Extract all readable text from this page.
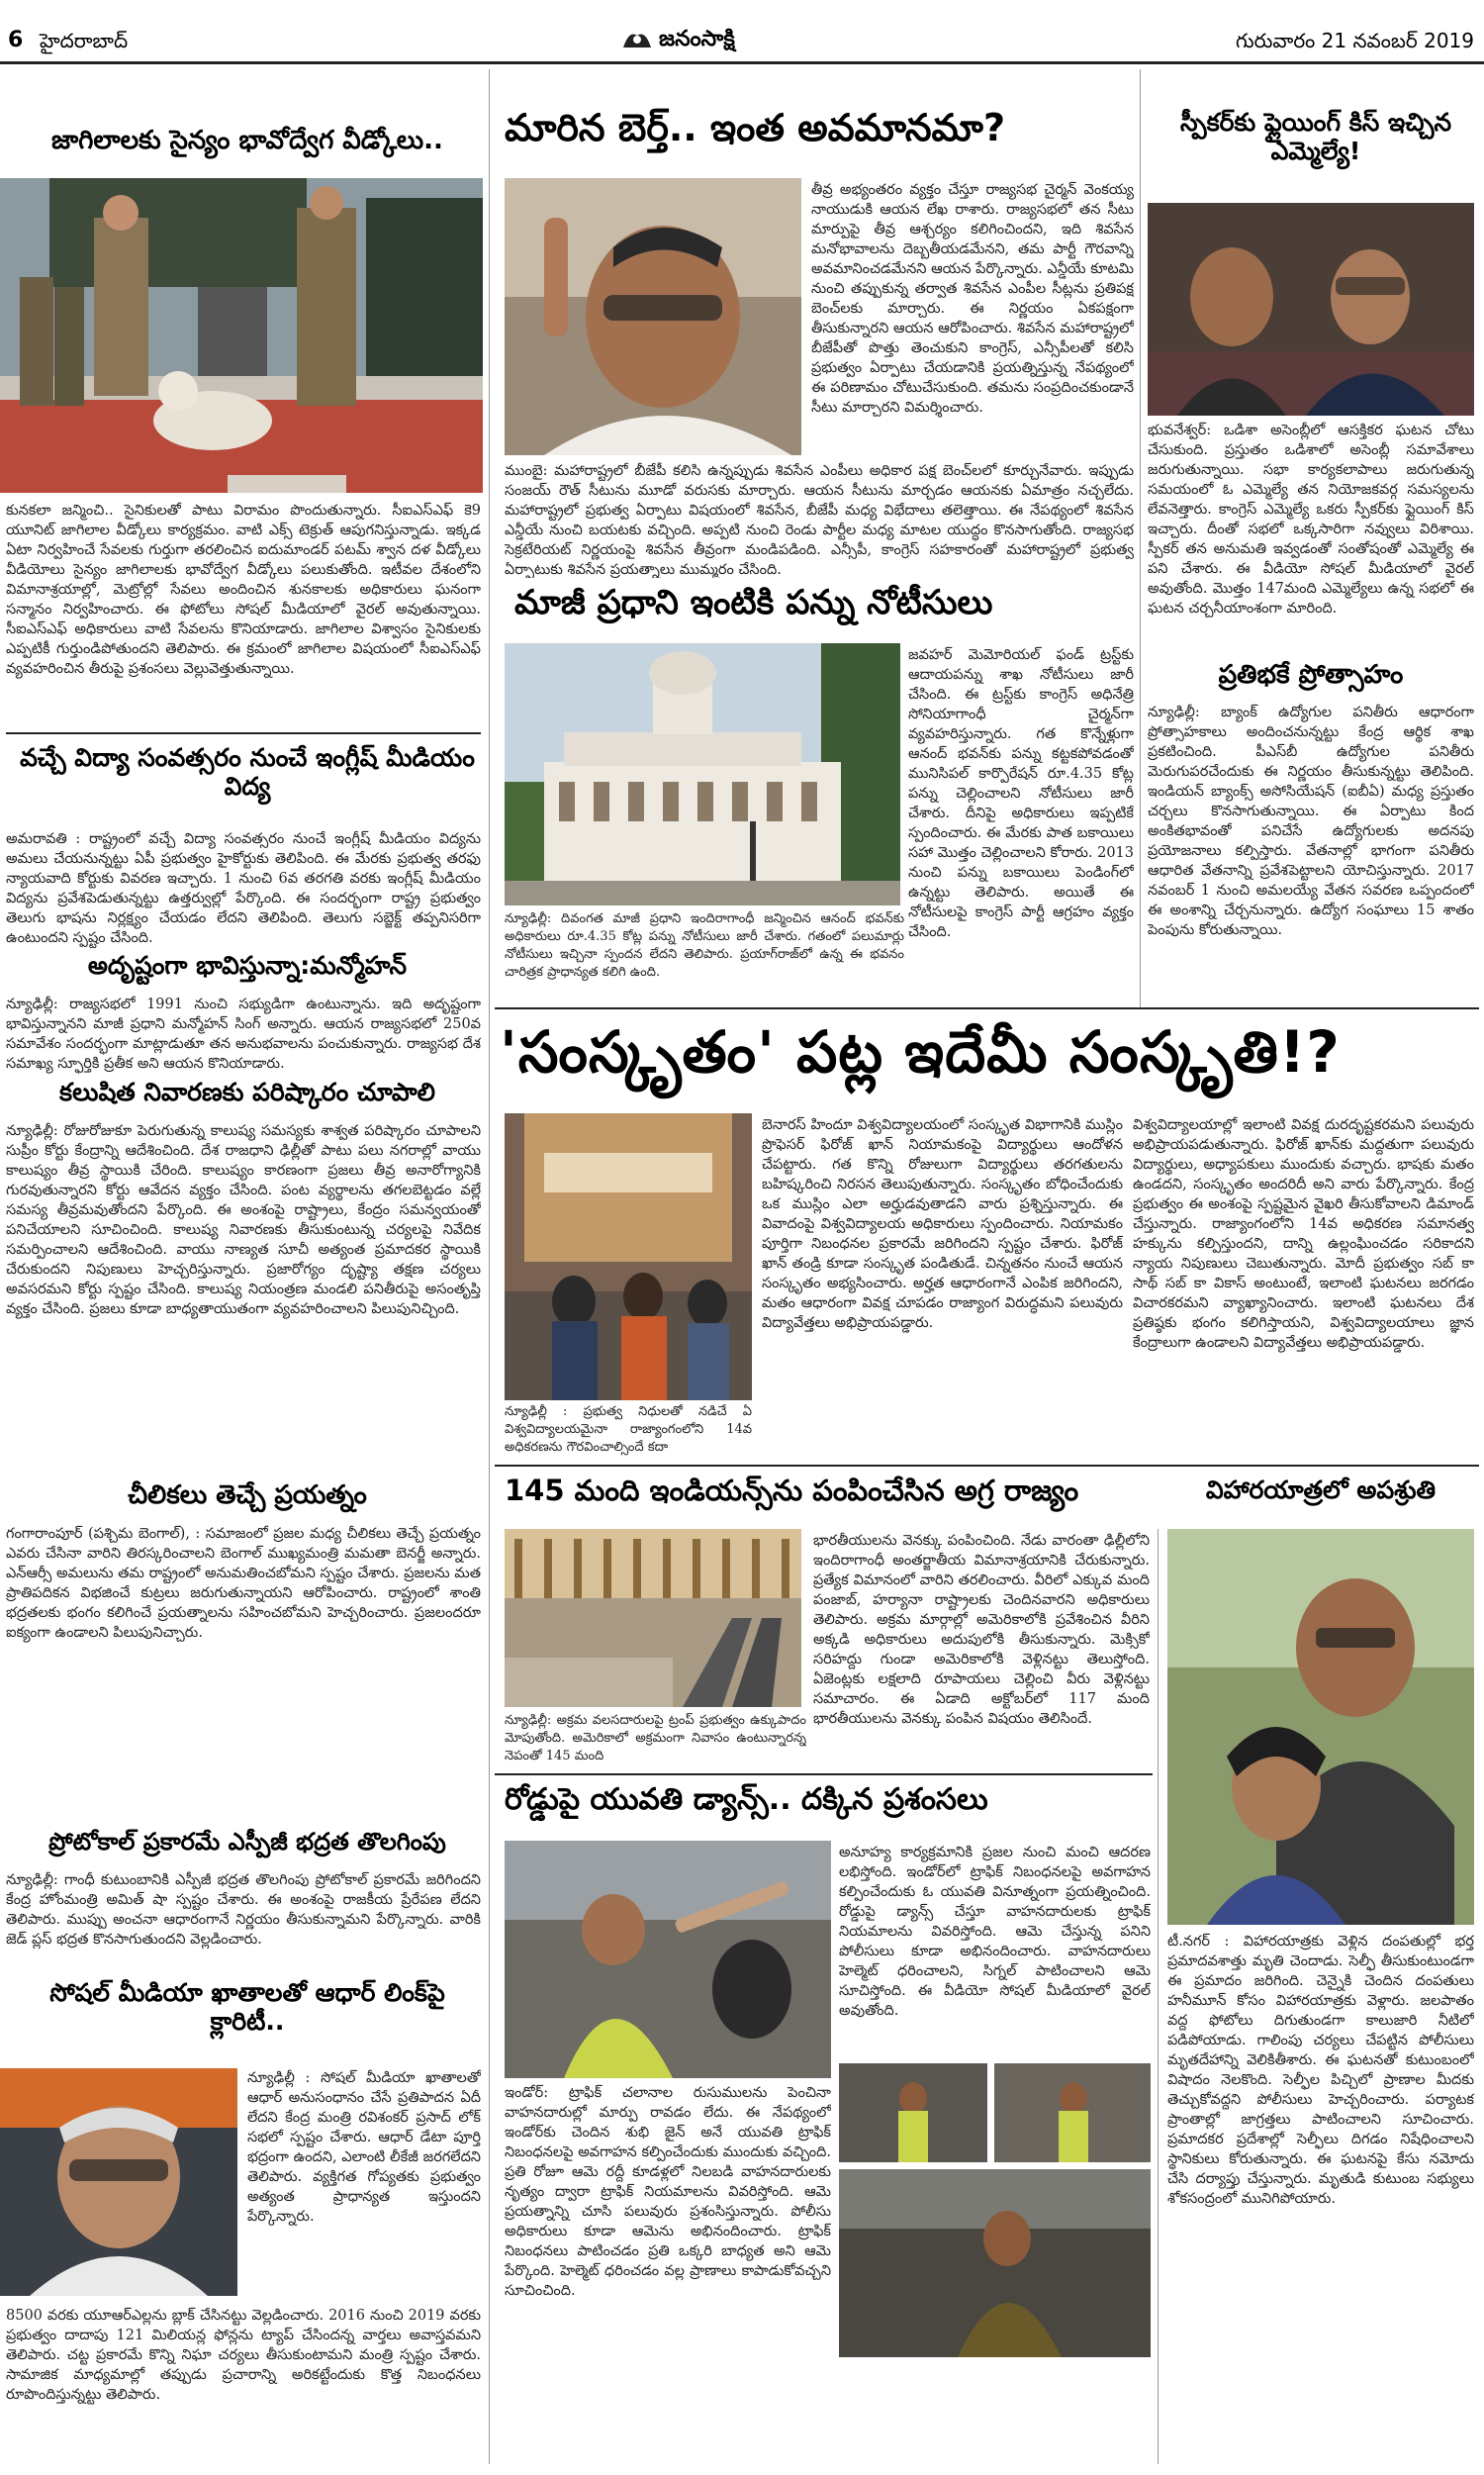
6 హైదరాబాద్	జనంసాక్షి	గురువారం 21 నవంబర్ 2019
జాగిలాలకు సైన్యం భావోద్వేగ వీడ్కోలు..
కునకలా జన్మించి.. సైనికులతో పాటు విరామం పొందుతున్నారు. సీఐఎస్ఎఫ్ కె9 యూనిట్ జాగిలాల వీడ్కోలు కార్యక్రమం. వాటి ఎక్స్ టెక్రుత్ ఆపుగనిస్తున్నాడు. ఇక్కడ ఏటా నిర్వహించే సేవలకు గుర్తుగా తరలించిన ఐదుమాండర్ పటమ్ శ్వాన దళ వీడ్కోలు వీడియోలు సైన్యం జాగిలాలకు భావోద్వేగ వీడ్కోలు పలుకుతోంది. ఇటీవల దేశంలోని విమానాశ్రయాల్లో, మెట్రోల్లో సేవలు అందించిన శునకాలకు అధికారులు ఘనంగా సన్మానం నిర్వహించారు. ఈ ఫోటోలు సోషల్ మీడియాలో వైరల్ అవుతున్నాయి. సీఐఎస్ఎఫ్ అధికారులు వాటి సేవలను కొనియాడారు. జాగిలాల విశ్వాసం సైనికులకు ఎప్పటికీ గుర్తుండిపోతుందని తెలిపారు. ఈ క్రమంలో జాగిలాల విషయంలో సీఐఎస్ఎఫ్ వ్యవహరించిన తీరుపై ప్రశంసలు వెల్లువెత్తుతున్నాయి.
వచ్చే విద్యా సంవత్సరం నుంచే ఇంగ్లీష్ మీడియం విద్య
అమరావతి : రాష్ట్రంలో వచ్చే విద్యా సంవత్సరం నుంచే ఇంగ్లీష్ మీడియం విద్యను అమలు చేయనున్నట్టు ఏపీ ప్రభుత్వం హైకోర్టుకు తెలిపింది. ఈ మేరకు ప్రభుత్వ తరఫు న్యాయవాది కోర్టుకు వివరణ ఇచ్చారు. 1 నుంచి 6వ తరగతి వరకు ఇంగ్లీష్ మీడియం విద్యను ప్రవేశపెడుతున్నట్టు ఉత్తర్వుల్లో పేర్కొంది. ఈ సందర్భంగా రాష్ట్ర ప్రభుత్వం తెలుగు భాషను నిర్లక్ష్యం చేయడం లేదని తెలిపింది. తెలుగు సబ్జెక్ట్ తప్పనిసరిగా ఉంటుందని స్పష్టం చేసింది.
అదృష్టంగా భావిస్తున్నా:మన్మోహన్
న్యూఢిల్లీ: రాజ్యసభలో 1991 నుంచి సభ్యుడిగా ఉంటున్నాను. ఇది అదృష్టంగా భావిస్తున్నానని మాజీ ప్రధాని మన్మోహన్ సింగ్ అన్నారు. ఆయన రాజ్యసభలో 250వ సమావేశం సందర్భంగా మాట్లాడుతూ తన అనుభవాలను పంచుకున్నారు. రాజ్యసభ దేశ సమాఖ్య స్ఫూర్తికి ప్రతీక అని ఆయన కొనియాడారు.
కలుషిత నివారణకు పరిష్కారం చూపాలి
న్యూఢిల్లీ: రోజురోజుకూ పెరుగుతున్న కాలుష్య సమస్యకు శాశ్వత పరిష్కారం చూపాలని సుప్రీం కోర్టు కేంద్రాన్ని ఆదేశించింది. దేశ రాజధాని ఢిల్లీతో పాటు పలు నగరాల్లో వాయు కాలుష్యం తీవ్ర స్థాయికి చేరింది. కాలుష్యం కారణంగా ప్రజలు తీవ్ర అనారోగ్యానికి గురవుతున్నారని కోర్టు ఆవేదన వ్యక్తం చేసింది. పంట వ్యర్థాలను తగలబెట్టడం వల్లే సమస్య తీవ్రమవుతోందని పేర్కొంది. ఈ అంశంపై రాష్ట్రాలు, కేంద్రం సమన్వయంతో పనిచేయాలని సూచించింది. కాలుష్య నివారణకు తీసుకుంటున్న చర్యలపై నివేదిక సమర్పించాలని ఆదేశించింది. వాయు నాణ్యత సూచీ అత్యంత ప్రమాదకర స్థాయికి చేరుకుందని నిపుణులు హెచ్చరిస్తున్నారు. ప్రజారోగ్యం దృష్ట్యా తక్షణ చర్యలు అవసరమని కోర్టు స్పష్టం చేసింది. కాలుష్య నియంత్రణ మండలి పనితీరుపై అసంతృప్తి వ్యక్తం చేసింది. ప్రజలు కూడా బాధ్యతాయుతంగా వ్యవహరించాలని పిలుపునిచ్చింది.
చీలికలు తెచ్చే ప్రయత్నం
గంగారాంపూర్ (పశ్చిమ బెంగాల్), : సమాజంలో ప్రజల మధ్య చీలికలు తెచ్చే ప్రయత్నం ఎవరు చేసినా వారిని తిరస్కరించాలని బెంగాల్ ముఖ్యమంత్రి మమతా బెనర్జీ అన్నారు. ఎన్ఆర్సీ అమలును తమ రాష్ట్రంలో అనుమతించబోమని స్పష్టం చేశారు. ప్రజలను మత ప్రాతిపదికన విభజించే కుట్రలు జరుగుతున్నాయని ఆరోపించారు. రాష్ట్రంలో శాంతి భద్రతలకు భంగం కలిగించే ప్రయత్నాలను సహించబోమని హెచ్చరించారు. ప్రజలందరూ ఐక్యంగా ఉండాలని పిలుపునిచ్చారు.
ప్రోటోకాల్ ప్రకారమే ఎస్పీజీ భద్రత తొలగింపు
న్యూఢిల్లీ: గాంధీ కుటుంబానికి ఎస్పీజీ భద్రత తొలగింపు ప్రోటోకాల్ ప్రకారమే జరిగిందని కేంద్ర హోంమంత్రి అమిత్ షా స్పష్టం చేశారు. ఈ అంశంపై రాజకీయ ప్రేరేపణ లేదని తెలిపారు. ముప్పు అంచనా ఆధారంగానే నిర్ణయం తీసుకున్నామని పేర్కొన్నారు. వారికి జెడ్ ప్లస్ భద్రత కొనసాగుతుందని వెల్లడించారు.
సోషల్ మీడియా ఖాతాలతో ఆధార్ లింక్‌పై క్లారిటీ..
న్యూఢిల్లీ : సోషల్ మీడియా ఖాతాలతో ఆధార్ అనుసంధానం చేసే ప్రతిపాదన ఏదీ లేదని కేంద్ర మంత్రి రవిశంకర్ ప్రసాద్ లోక్ సభలో స్పష్టం చేశారు. ఆధార్ డేటా పూర్తి భద్రంగా ఉందని, ఎలాంటి లీకేజీ జరగలేదని తెలిపారు. వ్యక్తిగత గోప్యతకు ప్రభుత్వం అత్యంత ప్రాధాన్యత ఇస్తుందని పేర్కొన్నారు.
8500 వరకు యూఆర్ఎల్లను బ్లాక్ చేసినట్టు వెల్లడించారు. 2016 నుంచి 2019 వరకు ప్రభుత్వం దాదాపు 121 మిలియన్ల ఫోన్లను ట్యాప్ చేసిందన్న వార్తలు అవాస్తవమని తెలిపారు. చట్ట ప్రకారమే కొన్ని నిఘా చర్యలు తీసుకుంటామని మంత్రి స్పష్టం చేశారు. సామాజిక మాధ్యమాల్లో తప్పుడు ప్రచారాన్ని అరికట్టేందుకు కొత్త నిబంధనలు రూపొందిస్తున్నట్టు తెలిపారు.
మారిన బెర్త్.. ఇంత అవమానమా?
తీవ్ర అభ్యంతరం వ్యక్తం చేస్తూ రాజ్యసభ చైర్మన్ వెంకయ్య నాయుడుకి ఆయన లేఖ రాశారు. రాజ్యసభలో తన సీటు మార్పుపై తీవ్ర ఆశ్చర్యం కలిగించిందని, ఇది శివసేన మనోభావాలను దెబ్బతీయడమేనని, తమ పార్టీ గౌరవాన్ని అవమానించడమేనని ఆయన పేర్కొన్నారు. ఎన్డీయే కూటమి నుంచి తప్పుకున్న తర్వాత శివసేన ఎంపీల సీట్లను ప్రతిపక్ష బెంచ్‌లకు మార్చారు. ఈ నిర్ణయం ఏకపక్షంగా తీసుకున్నారని ఆయన ఆరోపించారు. శివసేన మహారాష్ట్రలో బీజేపీతో పొత్తు తెంచుకుని కాంగ్రెస్, ఎన్సీపీలతో కలిసి ప్రభుత్వం ఏర్పాటు చేయడానికి ప్రయత్నిస్తున్న నేపథ్యంలో ఈ పరిణామం చోటుచేసుకుంది. తమను సంప్రదించకుండానే సీటు మార్చారని విమర్శించారు.
ముంబై: మహారాష్ట్రలో బీజేపీ కలిసి ఉన్నప్పుడు శివసేన ఎంపీలు అధికార పక్ష బెంచ్‌లలో కూర్చునేవారు. ఇప్పుడు సంజయ్ రౌత్ సీటును మూడో వరుసకు మార్చారు. ఆయన సీటును మార్చడం ఆయనకు ఏమాత్రం నచ్చలేదు. మహారాష్ట్రలో ప్రభుత్వ ఏర్పాటు విషయంలో శివసేన, బీజేపీ మధ్య విభేదాలు తలెత్తాయి. ఈ నేపథ్యంలో శివసేన ఎన్డీయే నుంచి బయటకు వచ్చింది. అప్పటి నుంచి రెండు పార్టీల మధ్య మాటల యుద్ధం కొనసాగుతోంది. రాజ్యసభ సెక్రటేరియట్ నిర్ణయంపై శివసేన తీవ్రంగా మండిపడింది. ఎన్సీపీ, కాంగ్రెస్ సహకారంతో మహారాష్ట్రలో ప్రభుత్వ ఏర్పాటుకు శివసేన ప్రయత్నాలు ముమ్మరం చేసింది.
స్పీకర్‌కు ఫ్లైయింగ్ కిస్ ఇచ్చిన ఎమ్మెల్యే!
భువనేశ్వర్: ఒడిశా అసెంబ్లీలో ఆసక్తికర ఘటన చోటు చేసుకుంది. ప్రస్తుతం ఒడిశాలో అసెంబ్లీ సమావేశాలు జరుగుతున్నాయి. సభా కార్యకలాపాలు జరుగుతున్న సమయంలో ఓ ఎమ్మెల్యే తన నియోజకవర్గ సమస్యలను లేవనెత్తారు. కాంగ్రెస్ ఎమ్మెల్యే ఒకరు స్పీకర్‌కు ఫ్లైయింగ్ కిస్ ఇచ్చారు. దీంతో సభలో ఒక్కసారిగా నవ్వులు విరిశాయి. స్పీకర్ తన అనుమతి ఇవ్వడంతో సంతోషంతో ఎమ్మెల్యే ఈ పని చేశారు. ఈ వీడియో సోషల్ మీడియాలో వైరల్ అవుతోంది. మొత్తం 147మంది ఎమ్మెల్యేలు ఉన్న సభలో ఈ ఘటన చర్చనీయాంశంగా మారింది.
ప్రతిభకే ప్రోత్సాహం
న్యూఢిల్లీ: బ్యాంక్ ఉద్యోగుల పనితీరు ఆధారంగా ప్రోత్సాహకాలు అందించనున్నట్టు కేంద్ర ఆర్థిక శాఖ ప్రకటించింది. పీఎస్‌బీ ఉద్యోగుల పనితీరు మెరుగుపరచేందుకు ఈ నిర్ణయం తీసుకున్నట్టు తెలిపింది. ఇండియన్ బ్యాంక్స్ అసోసియేషన్ (ఐబీఏ) మధ్య ప్రస్తుతం చర్చలు కొనసాగుతున్నాయి. ఈ ఏర్పాటు కింద అంకితభావంతో పనిచేసే ఉద్యోగులకు అదనపు ప్రయోజనాలు కల్పిస్తారు. వేతనాల్లో భాగంగా పనితీరు ఆధారిత వేతనాన్ని ప్రవేశపెట్టాలని యోచిస్తున్నారు. 2017 నవంబర్ 1 నుంచి అమలయ్యే వేతన సవరణ ఒప్పందంలో ఈ అంశాన్ని చేర్చనున్నారు. ఉద్యోగ సంఘాలు 15 శాతం పెంపును కోరుతున్నాయి.
మాజీ ప్రధాని ఇంటికి పన్ను నోటీసులు
జవహర్ మెమోరియల్ ఫండ్ ట్రస్ట్‌కు ఆదాయపన్ను శాఖ నోటీసులు జారీ చేసింది. ఈ ట్రస్ట్‌కు కాంగ్రెస్ అధినేత్రి సోనియాగాంధీ చైర్మన్‌గా వ్యవహరిస్తున్నారు. గత కొన్నేళ్లుగా ఆనంద్ భవన్‌కు పన్ను కట్టకపోవడంతో మునిసిపల్ కార్పొరేషన్ రూ.4.35 కోట్ల పన్ను చెల్లించాలని నోటీసులు జారీ చేశారు. దీనిపై అధికారులు ఇప్పటికే స్పందించారు. ఈ మేరకు పాత బకాయిలు సహా మొత్తం చెల్లించాలని కోరారు. 2013 నుంచి పన్ను బకాయిలు పెండింగ్‌లో ఉన్నట్టు తెలిపారు. అయితే ఈ నోటీసులపై కాంగ్రెస్ పార్టీ ఆగ్రహం వ్యక్తం చేసింది.
న్యూఢిల్లీ: దివంగత మాజీ ప్రధాని ఇందిరాగాంధీ జన్మించిన ఆనంద్ భవన్‌కు అధికారులు రూ.4.35 కోట్ల పన్ను నోటీసులు జారీ చేశారు. గతంలో పలుమార్లు నోటీసులు ఇచ్చినా స్పందన లేదని తెలిపారు. ప్రయాగ్‌రాజ్‌లో ఉన్న ఈ భవనం చారిత్రక ప్రాధాన్యత కలిగి ఉంది.
'సంస్కృతం' పట్ల ఇదేమీ సంస్కృతి!?
న్యూఢిల్లీ : ప్రభుత్వ నిధులతో నడిచే ఏ విశ్వవిద్యాలయమైనా రాజ్యాంగంలోని 14వ అధికరణను గౌరవించాల్సిందే కదా
బెనారస్ హిందూ విశ్వవిద్యాలయంలో సంస్కృత విభాగానికి ముస్లిం ప్రొఫెసర్ ఫిరోజ్ ఖాన్ నియామకంపై విద్యార్థులు ఆందోళన చేపట్టారు. గత కొన్ని రోజులుగా విద్యార్థులు తరగతులను బహిష్కరించి నిరసన తెలుపుతున్నారు. సంస్కృతం బోధించేందుకు ఒక ముస్లిం ఎలా అర్హుడవుతాడని వారు ప్రశ్నిస్తున్నారు. ఈ వివాదంపై విశ్వవిద్యాలయ అధికారులు స్పందించారు. నియామకం పూర్తిగా నిబంధనల ప్రకారమే జరిగిందని స్పష్టం చేశారు. ఫిరోజ్ ఖాన్ తండ్రి కూడా సంస్కృత పండితుడే. చిన్నతనం నుంచే ఆయన సంస్కృతం అభ్యసించారు. అర్హత ఆధారంగానే ఎంపిక జరిగిందని, మతం ఆధారంగా వివక్ష చూపడం రాజ్యాంగ విరుద్ధమని పలువురు విద్యావేత్తలు అభిప్రాయపడ్డారు.
విశ్వవిద్యాలయాల్లో ఇలాంటి వివక్ష దురదృష్టకరమని పలువురు అభిప్రాయపడుతున్నారు. ఫిరోజ్ ఖాన్‌కు మద్దతుగా పలువురు విద్యార్థులు, అధ్యాపకులు ముందుకు వచ్చారు. భాషకు మతం ఉండదని, సంస్కృతం అందరిదీ అని వారు పేర్కొన్నారు. కేంద్ర ప్రభుత్వం ఈ అంశంపై స్పష్టమైన వైఖరి తీసుకోవాలని డిమాండ్ చేస్తున్నారు. రాజ్యాంగంలోని 14వ అధికరణ సమానత్వ హక్కును కల్పిస్తుందని, దాన్ని ఉల్లంఘించడం సరికాదని న్యాయ నిపుణులు చెబుతున్నారు. మోదీ ప్రభుత్వం సబ్ కా సాథ్ సబ్ కా వికాస్ అంటుంటే, ఇలాంటి ఘటనలు జరగడం విచారకరమని వ్యాఖ్యానించారు. ఇలాంటి ఘటనలు దేశ ప్రతిష్ఠకు భంగం కలిగిస్తాయని, విశ్వవిద్యాలయాలు జ్ఞాన కేంద్రాలుగా ఉండాలని విద్యావేత్తలు అభిప్రాయపడ్డారు.
145 మంది ఇండియన్స్‌ను పంపించేసిన అగ్ర రాజ్యం
న్యూఢిల్లీ: అక్రమ వలసదారులపై ట్రంప్ ప్రభుత్వం ఉక్కుపాదం మోపుతోంది. అమెరికాలో అక్రమంగా నివాసం ఉంటున్నారన్న నెపంతో 145 మంది
భారతీయులను వెనక్కు పంపించింది. నేడు వారంతా ఢిల్లీలోని ఇందిరాగాంధీ అంతర్జాతీయ విమానాశ్రయానికి చేరుకున్నారు. ప్రత్యేక విమానంలో వారిని తరలించారు. వీరిలో ఎక్కువ మంది పంజాబ్, హర్యానా రాష్ట్రాలకు చెందినవారని అధికారులు తెలిపారు. అక్రమ మార్గాల్లో అమెరికాలోకి ప్రవేశించిన వీరిని అక్కడి అధికారులు అదుపులోకి తీసుకున్నారు. మెక్సికో సరిహద్దు గుండా అమెరికాలోకి వెళ్లినట్టు తెలుస్తోంది. ఏజెంట్లకు లక్షలాది రూపాయలు చెల్లించి వీరు వెళ్లినట్టు సమాచారం. ఈ ఏడాది అక్టోబర్‌లో 117 మంది భారతీయులను వెనక్కు పంపిన విషయం తెలిసిందే.
రోడ్డుపై యువతి డ్యాన్స్.. దక్కిన ప్రశంసలు
అనూహ్య కార్యక్రమానికి ప్రజల నుంచి మంచి ఆదరణ లభిస్తోంది. ఇండోర్‌లో ట్రాఫిక్ నిబంధనలపై అవగాహన కల్పించేందుకు ఓ యువతి వినూత్నంగా ప్రయత్నించింది. రోడ్డుపై డ్యాన్స్ చేస్తూ వాహనదారులకు ట్రాఫిక్ నియమాలను వివరిస్తోంది. ఆమె చేస్తున్న పనిని పోలీసులు కూడా అభినందించారు. వాహనదారులు హెల్మెట్ ధరించాలని, సిగ్నల్ పాటించాలని ఆమె సూచిస్తోంది. ఈ వీడియో సోషల్ మీడియాలో వైరల్ అవుతోంది.
ఇండోర్: ట్రాఫిక్ చలానాల రుసుములను పెంచినా వాహనదారుల్లో మార్పు రావడం లేదు. ఈ నేపథ్యంలో ఇండోర్‌కు చెందిన శుభి జైన్ అనే యువతి ట్రాఫిక్ నిబంధనలపై అవగాహన కల్పించేందుకు ముందుకు వచ్చింది. ప్రతి రోజూ ఆమె రద్దీ కూడళ్లలో నిలబడి వాహనదారులకు నృత్యం ద్వారా ట్రాఫిక్ నియమాలను వివరిస్తోంది. ఆమె ప్రయత్నాన్ని చూసి పలువురు ప్రశంసిస్తున్నారు. పోలీసు అధికారులు కూడా ఆమెను అభినందించారు. ట్రాఫిక్ నిబంధనలు పాటించడం ప్రతి ఒక్కరి బాధ్యత అని ఆమె పేర్కొంది. హెల్మెట్ ధరించడం వల్ల ప్రాణాలు కాపాడుకోవచ్చని సూచించింది.
విహారయాత్రలో అపశ్రుతి
టీ.నగర్ : విహారయాత్రకు వెళ్లిన దంపతుల్లో భర్త ప్రమాదవశాత్తు మృతి చెందాడు. సెల్ఫీ తీసుకుంటుండగా ఈ ప్రమాదం జరిగింది. చెన్నైకి చెందిన దంపతులు హనీమూన్ కోసం విహారయాత్రకు వెళ్లారు. జలపాతం వద్ద ఫోటోలు దిగుతుండగా కాలుజారి నీటిలో పడిపోయాడు. గాలింపు చర్యలు చేపట్టిన పోలీసులు మృతదేహాన్ని వెలికితీశారు. ఈ ఘటనతో కుటుంబంలో విషాదం నెలకొంది. సెల్ఫీల పిచ్చిలో ప్రాణాల మీదకు తెచ్చుకోవద్దని పోలీసులు హెచ్చరించారు. పర్యాటక ప్రాంతాల్లో జాగ్రత్తలు పాటించాలని సూచించారు. ప్రమాదకర ప్రదేశాల్లో సెల్ఫీలు దిగడం నిషేధించాలని స్థానికులు కోరుతున్నారు. ఈ ఘటనపై కేసు నమోదు చేసి దర్యాప్తు చేస్తున్నారు. మృతుడి కుటుంబ సభ్యులు శోకసంద్రంలో మునిగిపోయారు.
